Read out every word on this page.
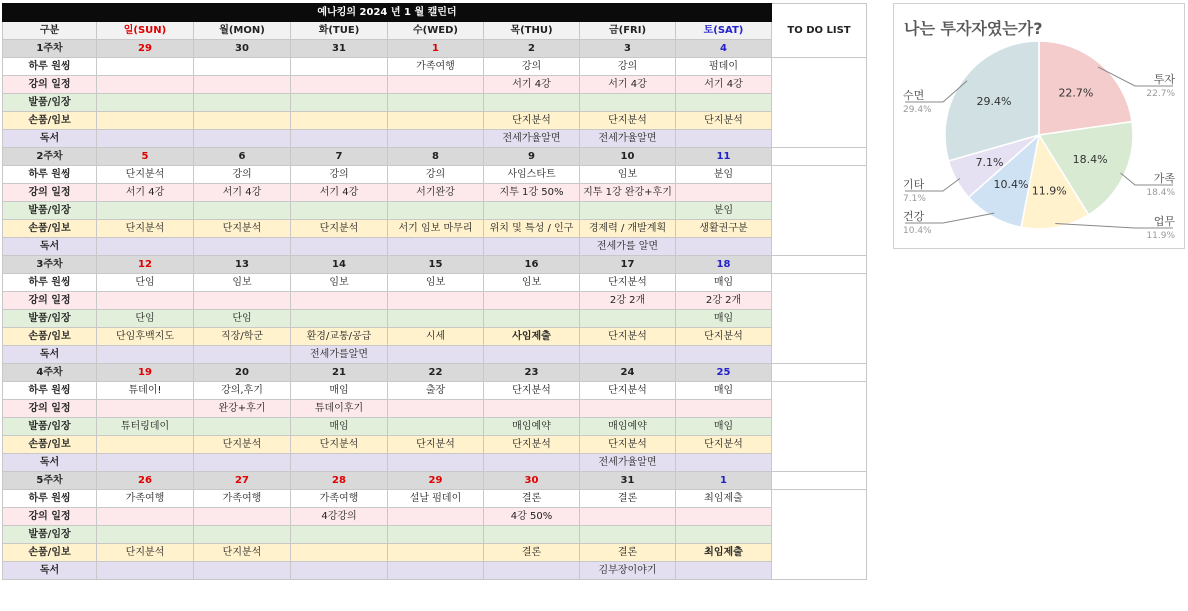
예나킹의 2024 년 1 월 캘린더								TO DO LIST
구분	일(SUN)	월(MON)	화(TUE)	수(WED)	목(THU)	금(FRI)	토(SAT)	
1주차	29	30	31	1	2	3	4	
하루 원씽				가족여행	강의	강의	펌데이	
강의 일정					서기 4강	서기 4강	서기 4강	
발품/임장								
손품/임보					단지분석	단지분석	단지분석	
독서					전세가율알면	전세가율알면		
2주차	5	6	7	8	9	10	11	
하루 원씽	단지분석	강의	강의	강의	사임스타트	임보	분임	
강의 일정	서기 4강	서기 4강	서기 4강	서기완강	지투 1강 50%	지투 1강 완강+후기		
발품/임장							분임	
손품/임보	단지분석	단지분석	단지분석	서기 임보 마무리	위치 및 특성 / 인구	경제력 / 개발계획	생활권구분	
독서						전세가를 알면		
3주차	12	13	14	15	16	17	18	
하루 원씽	단임	임보	임보	임보	임보	단지분석	매임	
강의 일정						2강 2개	2강 2개	
발품/임장	단임	단임					매임	
손품/임보	단임후백지도	직장/학군	환경/교통/공급	시세	사임제출	단지분석	단지분석	
독서			전세가를알면					
4주차	19	20	21	22	23	24	25	
하루 원씽	튜데이!	강의,후기	매임	출장	단지분석	단지분석	매임	
강의 일정		완강+후기	튜데이후기					
발품/임장	튜터링데이		매임		매임예약	매임예약	매임	
손품/임보		단지분석	단지분석	단지분석	단지분석	단지분석	단지분석	
독서						전세가율알면		
5주차	26	27	28	29	30	31	1	
하루 원씽	가족여행	가족여행	가족여행	설날 펌데이	결론	결론	최임제출	
강의 일정			4강강의		4강 50%			
발품/임장								
손품/임보	단지분석	단지분석			결론	결론	최임제출	
독서						김부장이야기		
나는 투자자였는가?
22.7%
투자
22.7%
18.4%
가족
18.4%
11.9%
업무
11.9%
10.4%
건강
10.4%
7.1%
기타
7.1%
29.4%
수면
29.4%
